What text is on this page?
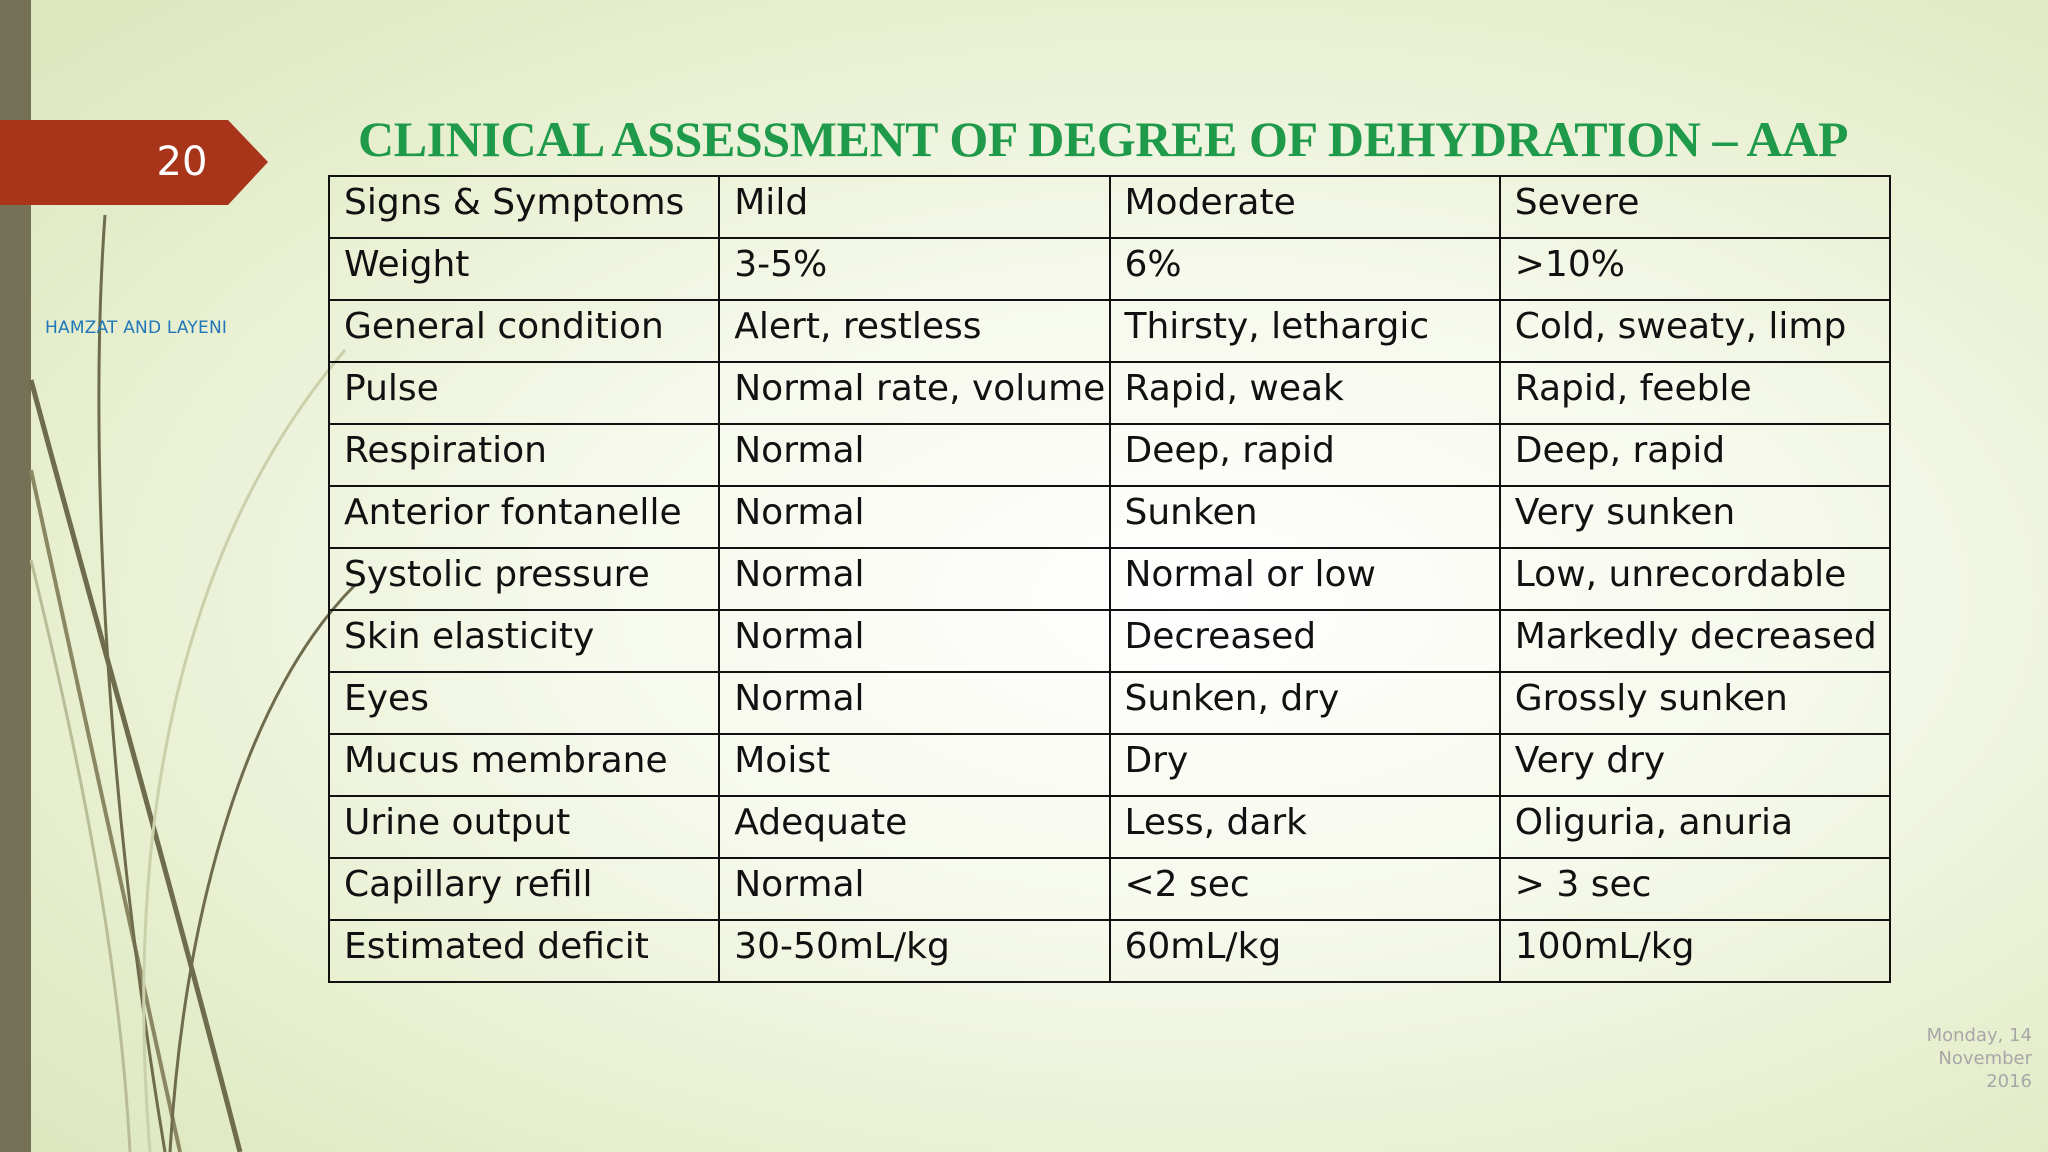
20
HAMZAT AND LAYENI
CLINICAL ASSESSMENT OF DEGREE OF DEHYDRATION – AAP
Signs & Symptoms	Mild	Moderate	Severe
Weight	3-5%	6%	>10%
General condition	Alert, restless	Thirsty, lethargic	Cold, sweaty, limp
Pulse	Normal rate, volume	Rapid, weak	Rapid, feeble
Respiration	Normal	Deep, rapid	Deep, rapid
Anterior fontanelle	Normal	Sunken	Very sunken
Systolic pressure	Normal	Normal or low	Low, unrecordable
Skin elasticity	Normal	Decreased	Markedly decreased
Eyes	Normal	Sunken, dry	Grossly sunken
Mucus membrane	Moist	Dry	Very dry
Urine output	Adequate	Less, dark	Oliguria, anuria
Capillary refill	Normal	<2 sec	> 3 sec
Estimated deficit	30-50mL/kg	60mL/kg	100mL/kg
Monday, 14
November
2016
